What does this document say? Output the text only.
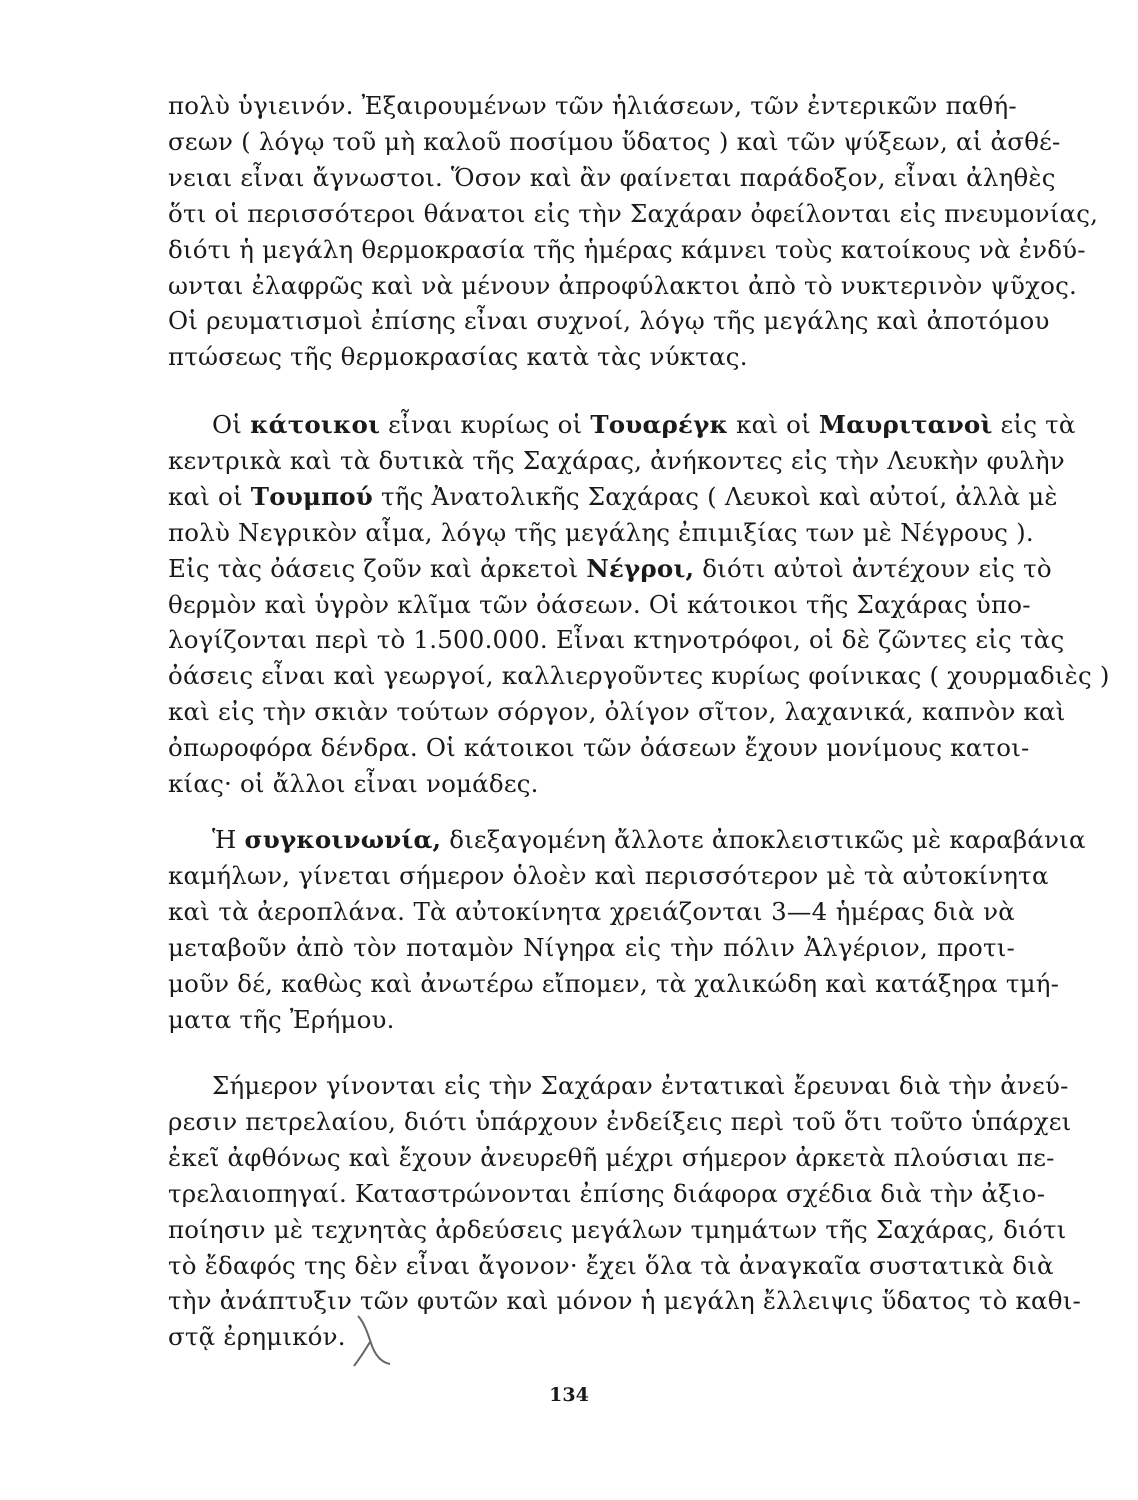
πολὺ ὑγιεινόν. Ἐξαιρουμένων τῶν ἡλιάσεων, τῶν ἐντερικῶν παθή-
σεων ( λόγῳ τοῦ μὴ καλοῦ ποσίμου ὕδατος ) καὶ τῶν ψύξεων, αἱ ἀσθέ-
νειαι εἶναι ἄγνωστοι. Ὅσον καὶ ἂν φαίνεται παράδοξον, εἶναι ἀληθὲς
ὅτι οἱ περισσότεροι θάνατοι εἰς τὴν Σαχάραν ὀφείλονται εἰς πνευμονίας,
διότι ἡ μεγάλη θερμοκρασία τῆς ἡμέρας κάμνει τοὺς κατοίκους νὰ ἐνδύ-
ωνται ἐλαφρῶς καὶ νὰ μένουν ἀπροφύλακτοι ἀπὸ τὸ νυκτερινὸν ψῦχος.
Οἱ ρευματισμοὶ ἐπίσης εἶναι συχνοί, λόγῳ τῆς μεγάλης καὶ ἀποτόμου
πτώσεως τῆς θερμοκρασίας κατὰ τὰς νύκτας.
Οἱ κάτοικοι εἶναι κυρίως οἱ Τουαρέγκ καὶ οἱ Μαυριτανοὶ εἰς τὰ
κεντρικὰ καὶ τὰ δυτικὰ τῆς Σαχάρας, ἀνήκοντες εἰς τὴν Λευκὴν φυλὴν
καὶ οἱ Τουμπού τῆς Ἀνατολικῆς Σαχάρας ( Λευκοὶ καὶ αὐτοί, ἀλλὰ μὲ
πολὺ Νεγρικὸν αἷμα, λόγῳ τῆς μεγάλης ἐπιμιξίας των μὲ Νέγρους ).
Εἰς τὰς ὀάσεις ζοῦν καὶ ἀρκετοὶ Νέγροι, διότι αὐτοὶ ἀντέχουν εἰς τὸ
θερμὸν καὶ ὑγρὸν κλῖμα τῶν ὀάσεων. Οἱ κάτοικοι τῆς Σαχάρας ὑπο-
λογίζονται περὶ τὸ 1.500.000. Εἶναι κτηνοτρόφοι, οἱ δὲ ζῶντες εἰς τὰς
ὀάσεις εἶναι καὶ γεωργοί, καλλιεργοῦντες κυρίως φοίνικας ( χουρμαδιὲς )
καὶ εἰς τὴν σκιὰν τούτων σόργον, ὀλίγον σῖτον, λαχανικά, καπνὸν καὶ
ὀπωροφόρα δένδρα. Οἱ κάτοικοι τῶν ὀάσεων ἔχουν μονίμους κατοι-
κίας· οἱ ἄλλοι εἶναι νομάδες.
Ἡ συγκοινωνία, διεξαγομένη ἄλλοτε ἀποκλειστικῶς μὲ καραβάνια
καμήλων, γίνεται σήμερον ὁλοὲν καὶ περισσότερον μὲ τὰ αὐτοκίνητα
καὶ τὰ ἀεροπλάνα. Τὰ αὐτοκίνητα χρειάζονται 3—4 ἡμέρας διὰ νὰ
μεταβοῦν ἀπὸ τὸν ποταμὸν Νίγηρα εἰς τὴν πόλιν Ἀλγέριον, προτι-
μοῦν δέ, καθὼς καὶ ἀνωτέρω εἴπομεν, τὰ χαλικώδη καὶ κατάξηρα τμή-
ματα τῆς Ἐρήμου.
Σήμερον γίνονται εἰς τὴν Σαχάραν ἐντατικαὶ ἔρευναι διὰ τὴν ἀνεύ-
ρεσιν πετρελαίου, διότι ὑπάρχουν ἐνδείξεις περὶ τοῦ ὅτι τοῦτο ὑπάρχει
ἐκεῖ ἀφθόνως καὶ ἔχουν ἀνευρεθῆ μέχρι σήμερον ἀρκετὰ πλούσιαι πε-
τρελαιοπηγαί. Καταστρώνονται ἐπίσης διάφορα σχέδια διὰ τὴν ἀξιο-
ποίησιν μὲ τεχνητὰς ἀρδεύσεις μεγάλων τμημάτων τῆς Σαχάρας, διότι
τὸ ἔδαφός της δὲν εἶναι ἄγονον· ἔχει ὅλα τὰ ἀναγκαῖα συστατικὰ διὰ
τὴν ἀνάπτυξιν τῶν φυτῶν καὶ μόνον ἡ μεγάλη ἔλλειψις ὕδατος τὸ καθι-
στᾷ ἐρημικόν.
134
